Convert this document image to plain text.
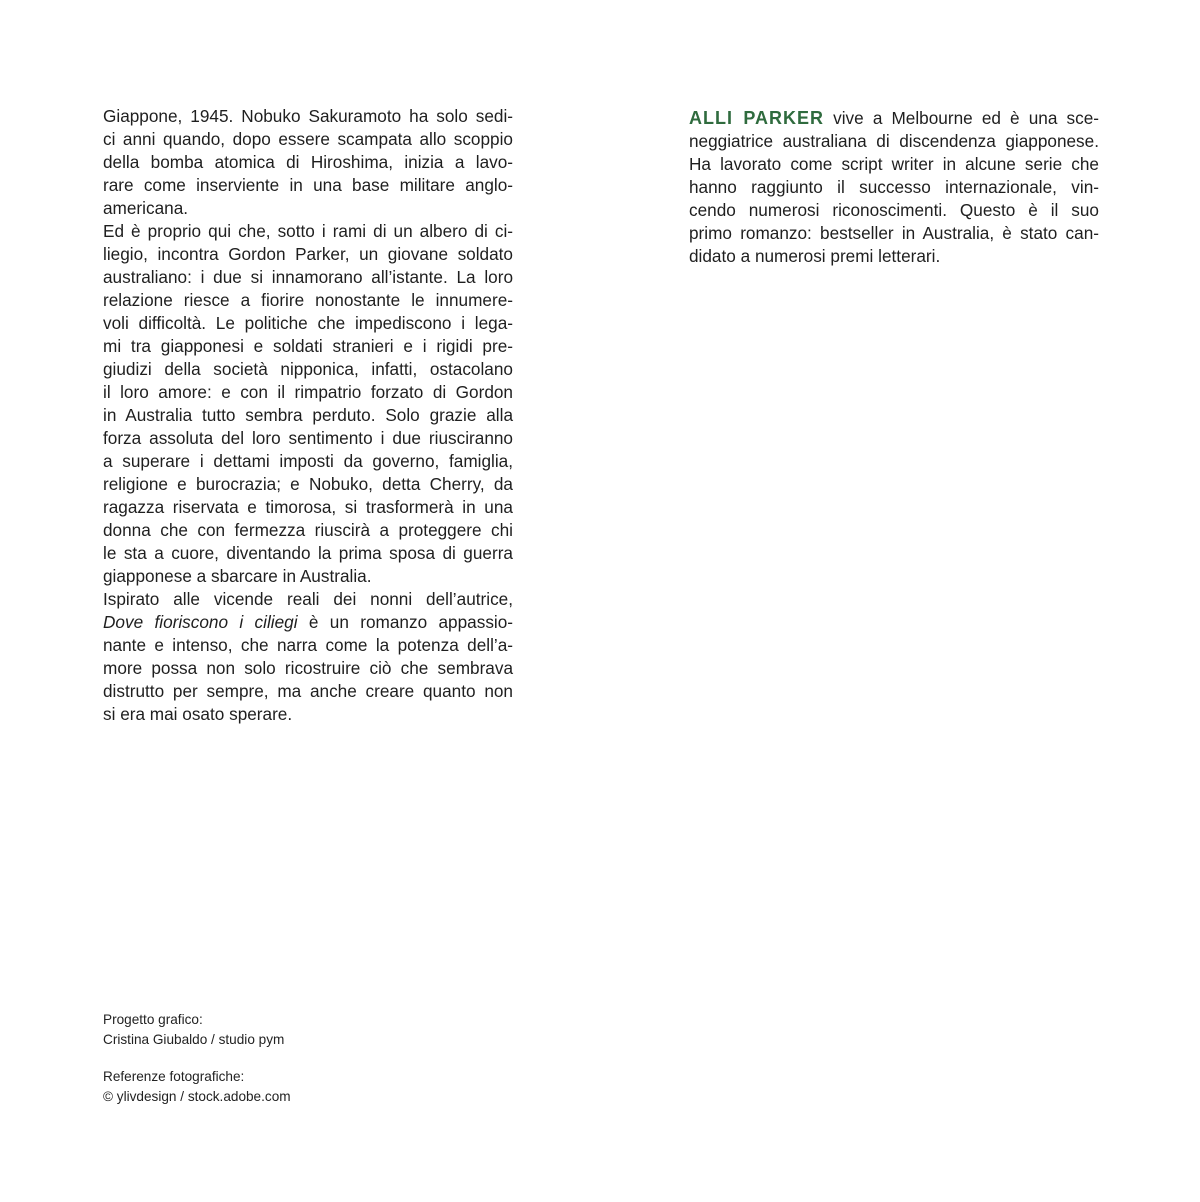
Giappone, 1945. Nobuko Sakuramoto ha solo sedi-
ci anni quando, dopo essere scampata allo scoppio
della bomba atomica di Hiroshima, inizia a lavo-
rare come inserviente in una base militare anglo-
americana.
Ed è proprio qui che, sotto i rami di un albero di ci-
liegio, incontra Gordon Parker, un giovane soldato
australiano: i due si innamorano all’istante. La loro
relazione riesce a fiorire nonostante le innumere-
voli difficoltà. Le politiche che impediscono i lega-
mi tra giapponesi e soldati stranieri e i rigidi pre-
giudizi della società nipponica, infatti, ostacolano
il loro amore: e con il rimpatrio forzato di Gordon
in Australia tutto sembra perduto. Solo grazie alla
forza assoluta del loro sentimento i due riusciranno
a superare i dettami imposti da governo, famiglia,
religione e burocrazia; e Nobuko, detta Cherry, da
ragazza riservata e timorosa, si trasformerà in una
donna che con fermezza riuscirà a proteggere chi
le sta a cuore, diventando la prima sposa di guerra
giapponese a sbarcare in Australia.
Ispirato alle vicende reali dei nonni dell’autrice,
Dove fioriscono i ciliegi è un romanzo appassio-
nante e intenso, che narra come la potenza dell’a-
more possa non solo ricostruire ciò che sembrava
distrutto per sempre, ma anche creare quanto non
si era mai osato sperare.
ALLI PARKER vive a Melbourne ed è una sce-
neggiatrice australiana di discendenza giapponese.
Ha lavorato come script writer in alcune serie che
hanno raggiunto il successo internazionale, vin-
cendo numerosi riconoscimenti. Questo è il suo
primo romanzo: bestseller in Australia, è stato can-
didato a numerosi premi letterari.
Progetto grafico:
Cristina Giubaldo / studio pym
Referenze fotografiche:
© ylivdesign / stock.adobe.com
